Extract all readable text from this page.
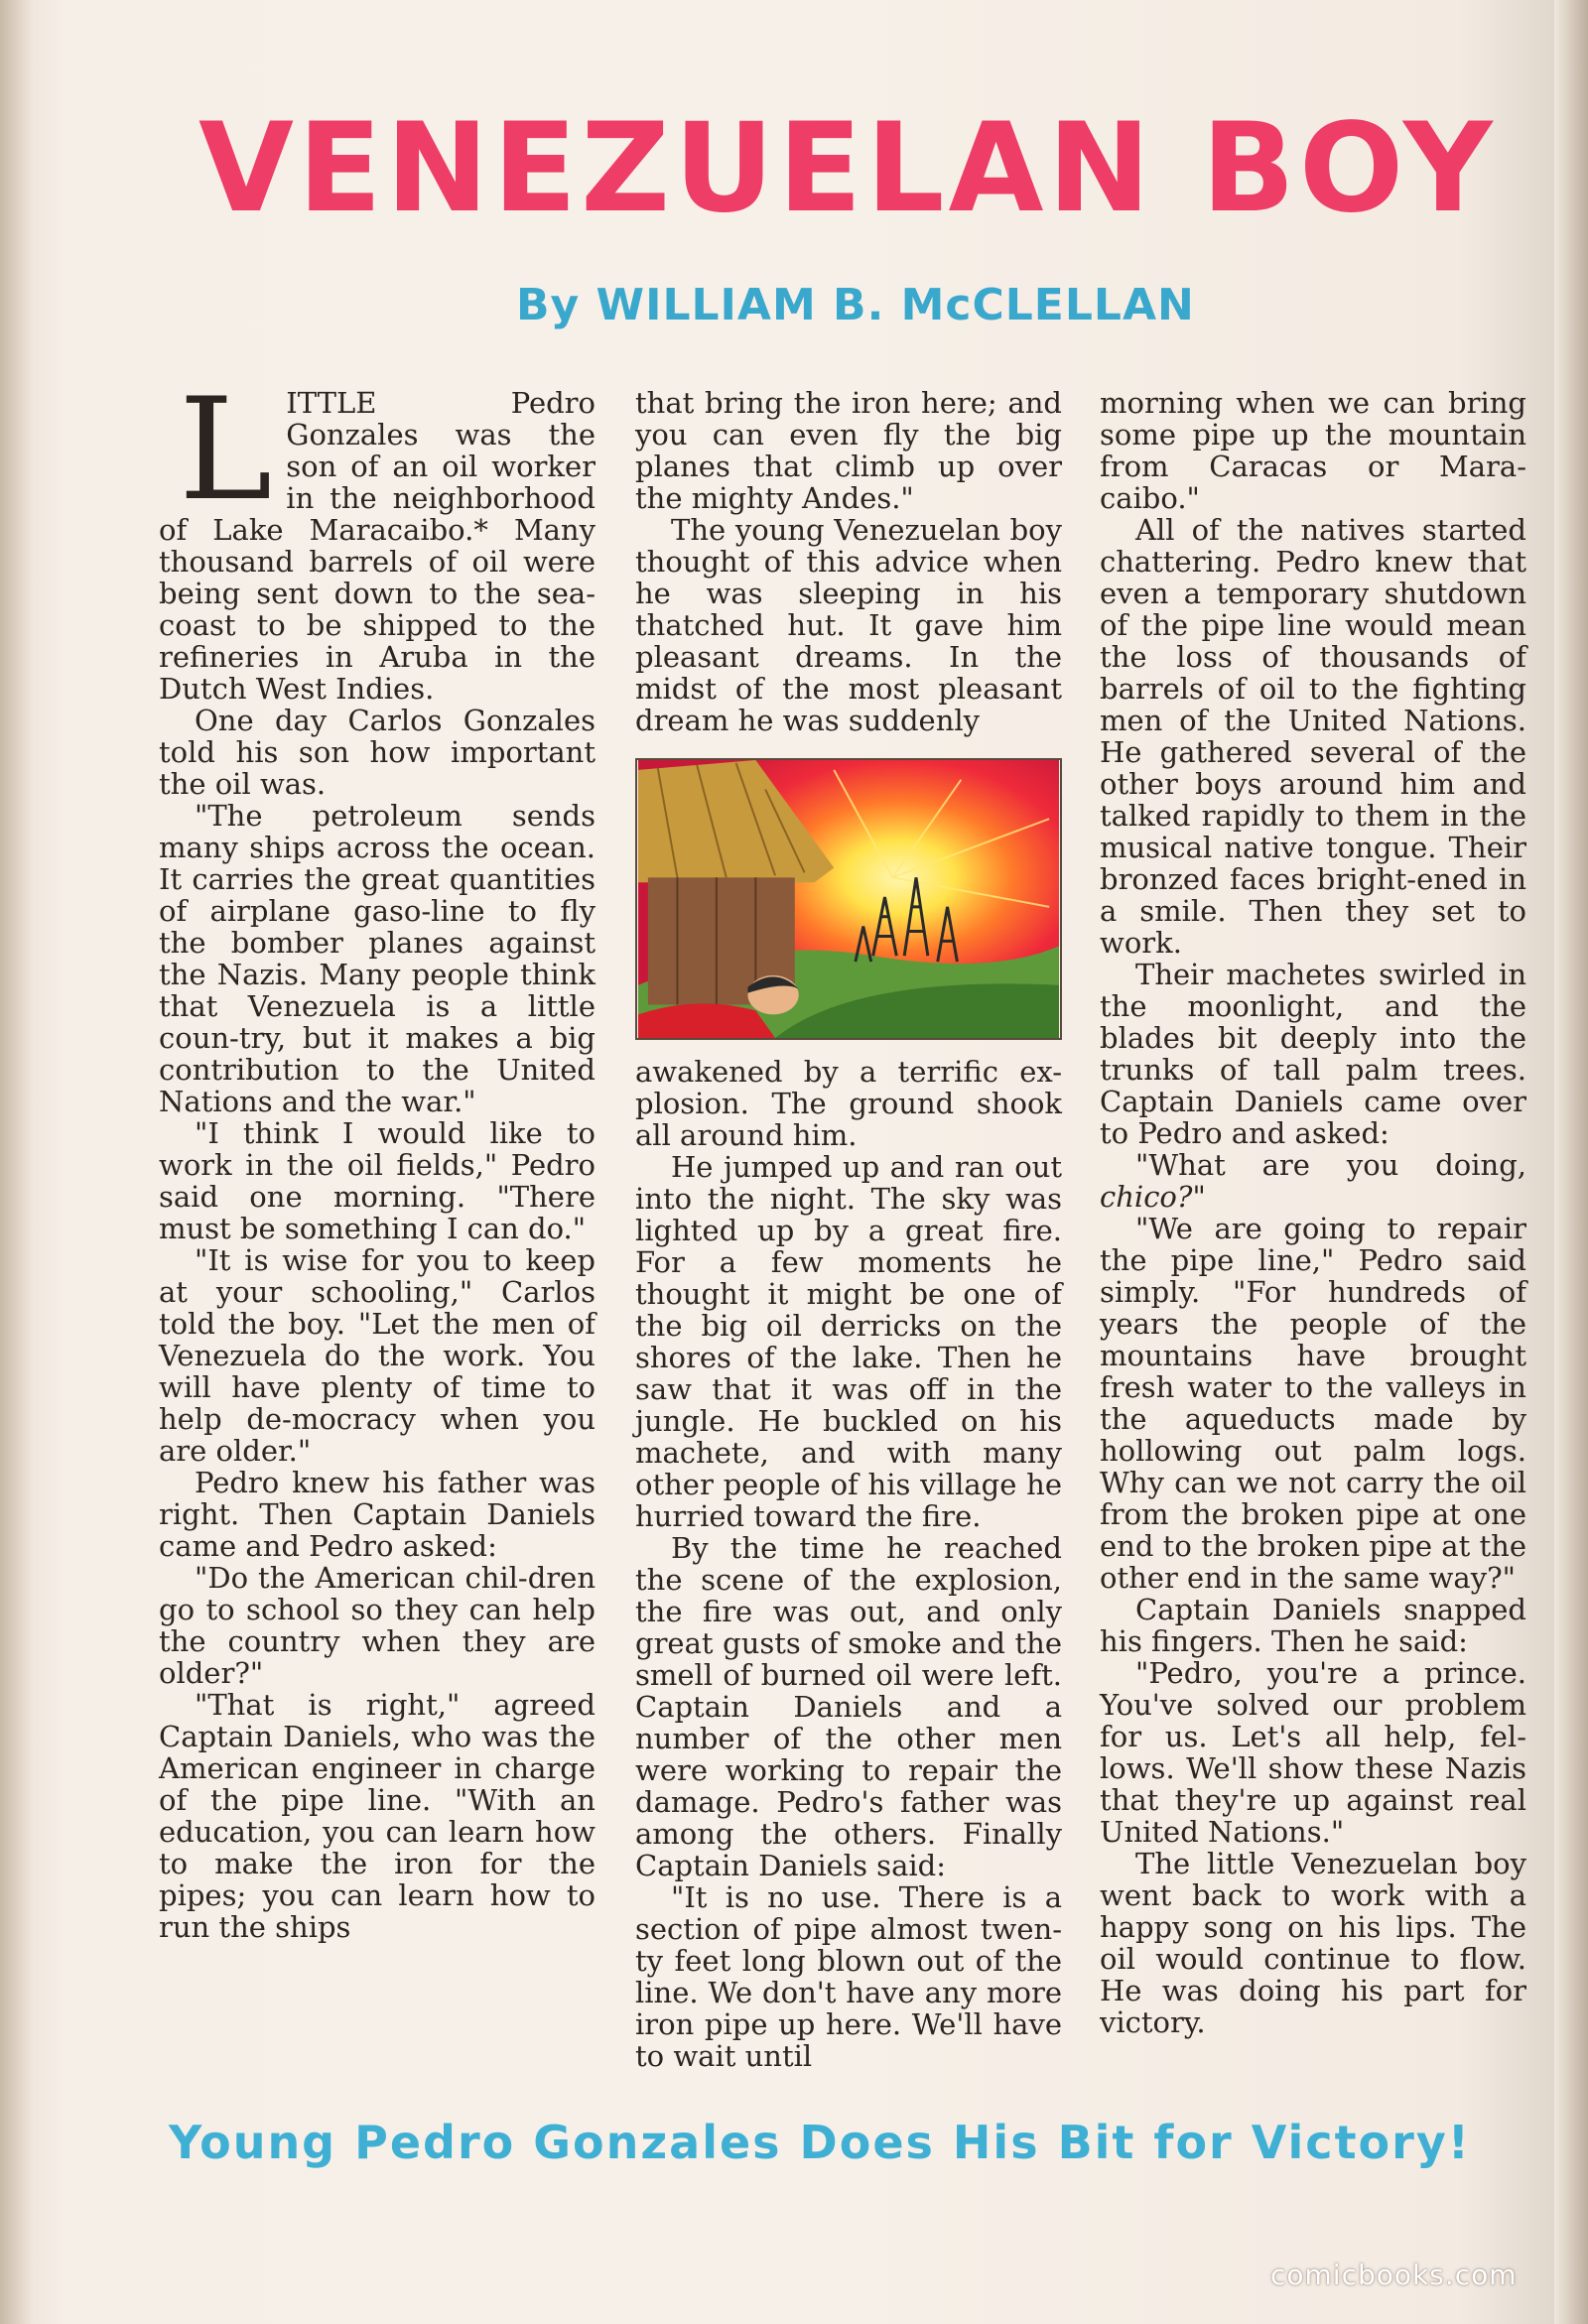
VENEZUELAN BOY
By WILLIAM B. McCLELLAN

LITTLE Pedro Gonzales was the son of an oil worker in the neighborhood of Lake Maracaibo.* Many thousand barrels of oil were being sent down to the sea-coast to be shipped to the refineries in Aruba in the Dutch West Indies.

One day Carlos Gonzales told his son how important the oil was.

"The petroleum sends many ships across the ocean. It carries the great quantities of airplane gaso-line to fly the bomber planes against the Nazis. Many people think that Venezuela is a little coun-try, but it makes a big contribution to the United Nations and the war."

"I think I would like to work in the oil fields," Pedro said one morning. "There must be something I can do."

"It is wise for you to keep at your schooling," Carlos told the boy. "Let the men of Venezuela do the work. You will have plenty of time to help de-mocracy when you are older."

Pedro knew his father was right. Then Captain Daniels came and Pedro asked:

"Do the American chil-dren go to school so they can help the country when they are older?"

"That is right," agreed Captain Daniels, who was the American engineer in charge of the pipe line. "With an education, you can learn how to make the iron for the pipes; you can learn how to run the ships

that bring the iron here; and you can even fly the big planes that climb up over the mighty Andes."

The young Venezuelan boy thought of this advice when he was sleeping in his thatched hut. It gave him pleasant dreams. In the midst of the most pleasant dream he was suddenly

awakened by a terrific ex-plosion. The ground shook all around him.

He jumped up and ran out into the night. The sky was lighted up by a great fire. For a few moments he thought it might be one of the big oil derricks on the shores of the lake. Then he saw that it was off in the jungle. He buckled on his machete, and with many other people of his village he hurried toward the fire.

By the time he reached the scene of the explosion, the fire was out, and only great gusts of smoke and the smell of burned oil were left. Captain Daniels and a number of the other men were working to repair the damage. Pedro's father was among the others. Finally Captain Daniels said:

"It is no use. There is a section of pipe almost twen-ty feet long blown out of the line. We don't have any more iron pipe up here. We'll have to wait until

morning when we can bring some pipe up the mountain from Caracas or Mara-caibo."

All of the natives started chattering. Pedro knew that even a temporary shutdown of the pipe line would mean the loss of thousands of barrels of oil to the fighting men of the United Nations. He gathered several of the other boys around him and talked rapidly to them in the musical native tongue. Their bronzed faces bright-ened in a smile. Then they set to work.

Their machetes swirled in the moonlight, and the blades bit deeply into the trunks of tall palm trees. Captain Daniels came over to Pedro and asked:

"What are you doing, chico?"

"We are going to repair the pipe line," Pedro said simply. "For hundreds of years the people of the mountains have brought fresh water to the valleys in the aqueducts made by hollowing out palm logs. Why can we not carry the oil from the broken pipe at one end to the broken pipe at the other end in the same way?"

Captain Daniels snapped his fingers. Then he said:

"Pedro, you're a prince. You've solved our problem for us. Let's all help, fel-lows. We'll show these Nazis that they're up against real United Nations."

The little Venezuelan boy went back to work with a happy song on his lips. The oil would continue to flow. He was doing his part for victory.

Young Pedro Gonzales Does His Bit for Victory!
comicbooks.com
